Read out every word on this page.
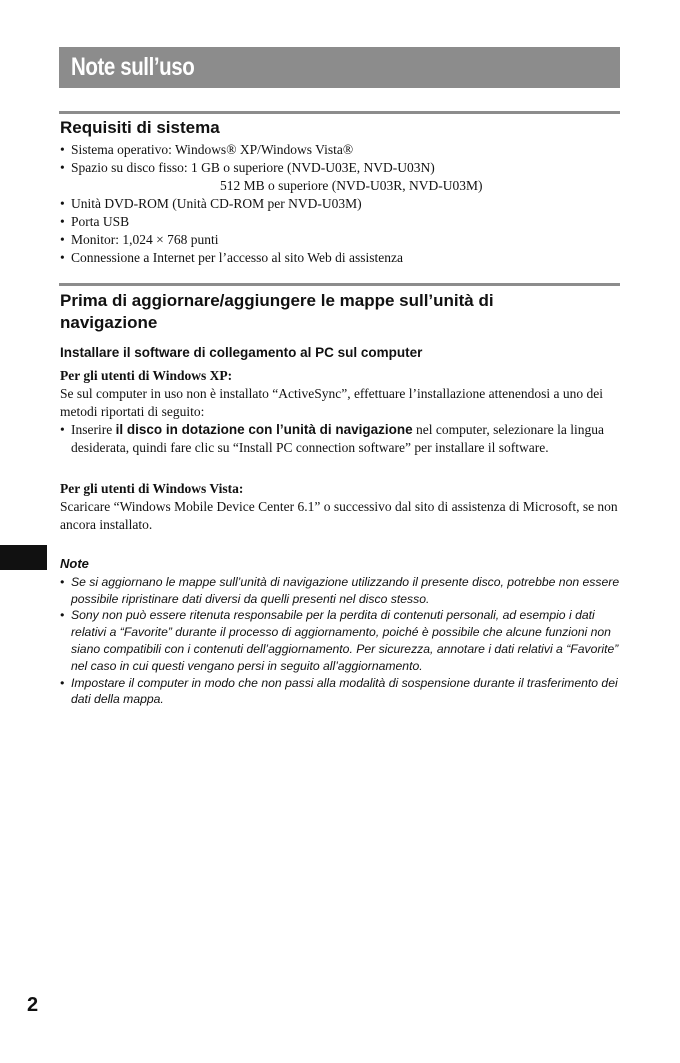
Note sull’uso
Requisiti di sistema
• Sistema operativo: Windows® XP/Windows Vista®
• Spazio su disco fisso: 1 GB o superiore (NVD-U03E, NVD-U03N)
512 MB o superiore (NVD-U03R, NVD-U03M)
• Unità DVD-ROM (Unità CD-ROM per NVD-U03M)
• Porta USB
• Monitor: 1,024 × 768 punti
• Connessione a Internet per l’accesso al sito Web di assistenza
Prima di aggiornare/aggiungere le mappe sull’unità di navigazione
Installare il software di collegamento al PC sul computer
Per gli utenti di Windows XP:
Se sul computer in uso non è installato “ActiveSync”, effettuare l’installazione attenendosi a uno dei metodi riportati di seguito:
• Inserire il disco in dotazione con l’unità di navigazione nel computer, selezionare la lingua desiderata, quindi fare clic su “Install PC connection software” per installare il software.
Per gli utenti di Windows Vista:
Scaricare “Windows Mobile Device Center 6.1” o successivo dal sito di assistenza di Microsoft, se non ancora installato.
Note
• Se si aggiornano le mappe sull’unità di navigazione utilizzando il presente disco, potrebbe non essere possibile ripristinare dati diversi da quelli presenti nel disco stesso.
• Sony non può essere ritenuta responsabile per la perdita di contenuti personali, ad esempio i dati relativi a “Favorite” durante il processo di aggiornamento, poiché è possibile che alcune funzioni non siano compatibili con i contenuti dell’aggiornamento. Per sicurezza, annotare i dati relativi a “Favorite” nel caso in cui questi vengano persi in seguito all’aggiornamento.
• Impostare il computer in modo che non passi alla modalità di sospensione durante il trasferimento dei dati della mappa.
2
